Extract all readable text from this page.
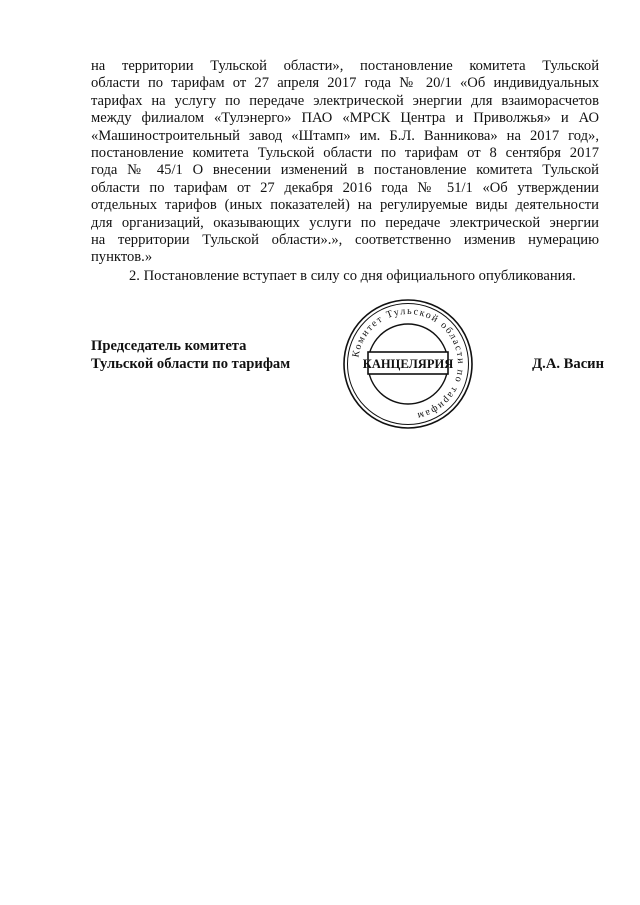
на территории Тульской области», постановление комитета Тульской
области по тарифам от 27 апреля 2017 года № 20/1 «Об индивидуальных
тарифах на услугу по передаче электрической энергии для взаиморасчетов
между филиалом «Тулэнерго» ПАО «МРСК Центра и Приволжья» и АО
«Машиностроительный завод «Штамп» им. Б.Л. Ванникова» на 2017 год»,
постановление комитета Тульской области по тарифам от 8 сентября 2017
года № 45/1 О внесении изменений в постановление комитета Тульской
области по тарифам от 27 декабря 2016 года № 51/1 «Об утверждении
отдельных тарифов (иных показателей) на регулируемые виды деятельности
для организаций, оказывающих услуги по передаче электрической энергии
на территории Тульской области».», соответственно изменив нумерацию
пунктов.»
2. Постановление вступает в силу со дня официального опубликования.
Председатель комитета
Тульской области по тарифам
Комитет Тульской области по тарифам
КАНЦЕЛЯРИЯ	Д.А. Васин
